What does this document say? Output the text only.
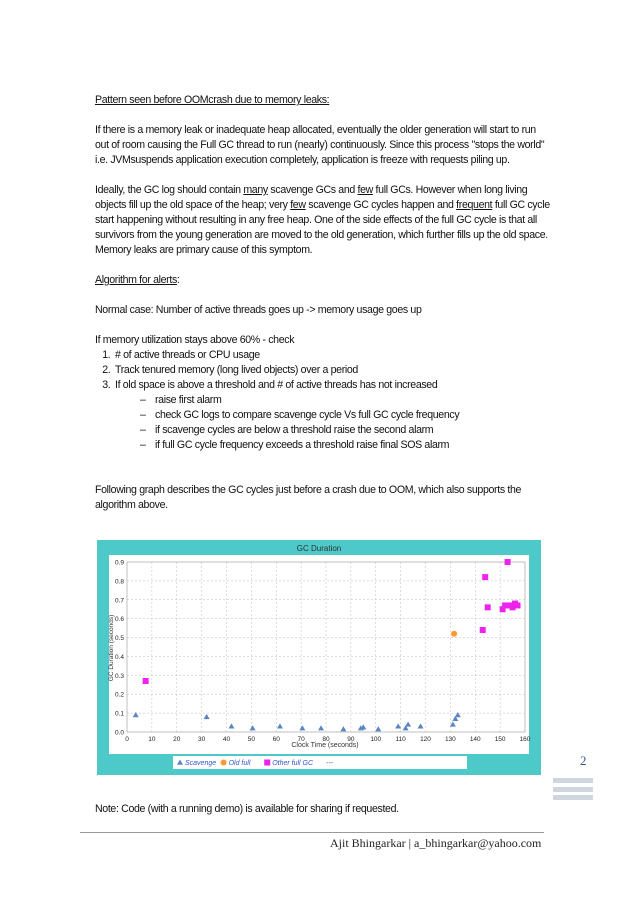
Pattern seen before OOMcrash due to memory leaks:

If there is a memory leak or inadequate heap allocated, eventually the older generation will start to run out of room causing the Full GC thread to run (nearly) continuously. Since this process "stops the world" i.e. JVMsuspends application execution completely, application is freeze with requests piling up.

Ideally, the GC log should contain many scavenge GCs and few full GCs. However when long living objects fill up the old space of the heap; very few scavenge GC cycles happen and frequent full GC cycle start happening without resulting in any free heap. One of the side effects of the full GC cycle is that all survivors from the young generation are moved to the old generation, which further fills up the old space. Memory leaks are primary cause of this symptom.

Algorithm for alerts:

Normal case: Number of active threads goes up -> memory usage goes up

If memory utilization stays above 60% - check

1. # of active threads or CPU usage
2. Track tenured memory (long lived objects) over a period
3. If old space is above a threshold and # of active threads has not increased
– raise first alarm
– check GC logs to compare scavenge cycle Vs full GC cycle frequency
– if scavenge cycles are below a threshold raise the second alarm
– if full GC cycle frequency exceeds a threshold raise final SOS alarm

Following graph describes the GC cycles just before a crash due to OOM, which also supports the algorithm above.

GC Duration
0.0
0.1
0.2
0.3
0.4
0.5
0.6
0.7
0.8
0.9
0	10	20	30	40	50	60	70	80	90 100 110 120 130 140 150 160
Clock Time (seconds)
GC Duration (seconds)
Scavenge Old full	Other full GC ---	2
Note: Code (with a running demo) is available for sharing if requested.
Ajit Bhingarkar | a_bhingarkar@yahoo.com
